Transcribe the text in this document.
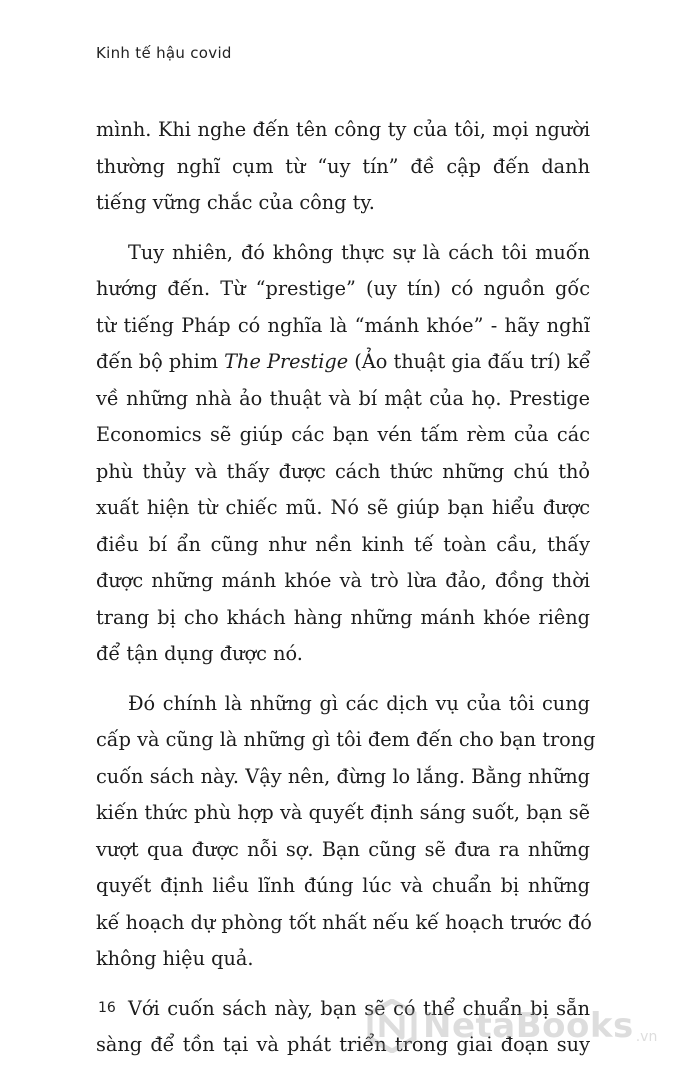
Kinh tế hậu covid

mình. Khi nghe đến tên công ty của tôi, mọi người
thường nghĩ cụm từ “uy tín” đề cập đến danh
tiếng vững chắc của công ty.

Tuy nhiên, đó không thực sự là cách tôi muốn
hướng đến. Từ “prestige” (uy tín) có nguồn gốc
từ tiếng Pháp có nghĩa là “mánh khóe” - hãy nghĩ
đến bộ phim The Prestige (Ảo thuật gia đấu trí) kể
về những nhà ảo thuật và bí mật của họ. Prestige
Economics sẽ giúp các bạn vén tấm rèm của các
phù thủy và thấy được cách thức những chú thỏ
xuất hiện từ chiếc mũ. Nó sẽ giúp bạn hiểu được
điều bí ẩn cũng như nền kinh tế toàn cầu, thấy
được những mánh khóe và trò lừa đảo, đồng thời
trang bị cho khách hàng những mánh khóe riêng
để tận dụng được nó.

Đó chính là những gì các dịch vụ của tôi cung
cấp và cũng là những gì tôi đem đến cho bạn trong
cuốn sách này. Vậy nên, đừng lo lắng. Bằng những
kiến thức phù hợp và quyết định sáng suốt, bạn sẽ
vượt qua được nỗi sợ. Bạn cũng sẽ đưa ra những
quyết định liều lĩnh đúng lúc và chuẩn bị những
kế hoạch dự phòng tốt nhất nếu kế hoạch trước đó
không hiệu quả.

Với cuốn sách này, bạn sẽ có thể chuẩn bị sẵn
sàng để tồn tại và phát triển trong giai đoạn suy

16	NetaBooks .vn
